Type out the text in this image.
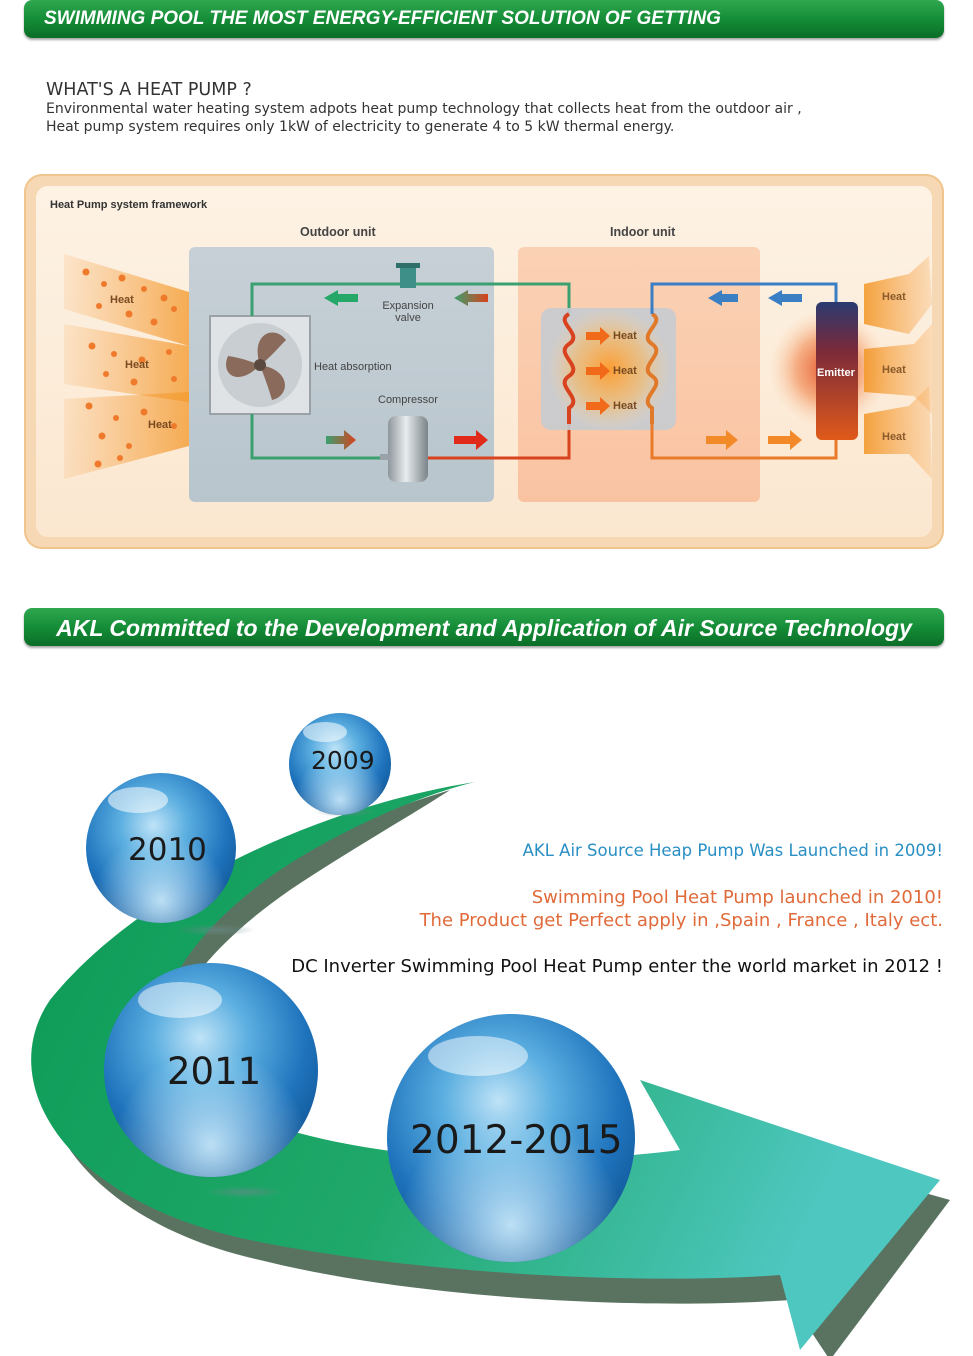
SWIMMING POOL THE MOST ENERGY-EFFICIENT SOLUTION OF GETTING
WHAT'S A HEAT PUMP ?

Environmental water heating system adpots heat pump technology that collects heat from the outdoor air ,

Heat pump system requires only 1kW of electricity to generate 4 to 5 kW thermal energy.

Heat Pump system framework
Outdoor unit	Indoor unit
Expansion valve
Heat absorption
Compressor
Emitter
Heat
Heat
Heat
Heat
Heat
Heat
Heat
Heat
Heat
AKL Committed to the Development and Application of Air Source Technology
2009
2010
2011
2012-2015
AKL Air Source Heap Pump Was Launched in 2009!
Swimming Pool Heat Pump launched in 2010!
The Product get Perfect apply in ,Spain , France , Italy ect.
DC Inverter Swimming Pool Heat Pump enter the world market in 2012 !
